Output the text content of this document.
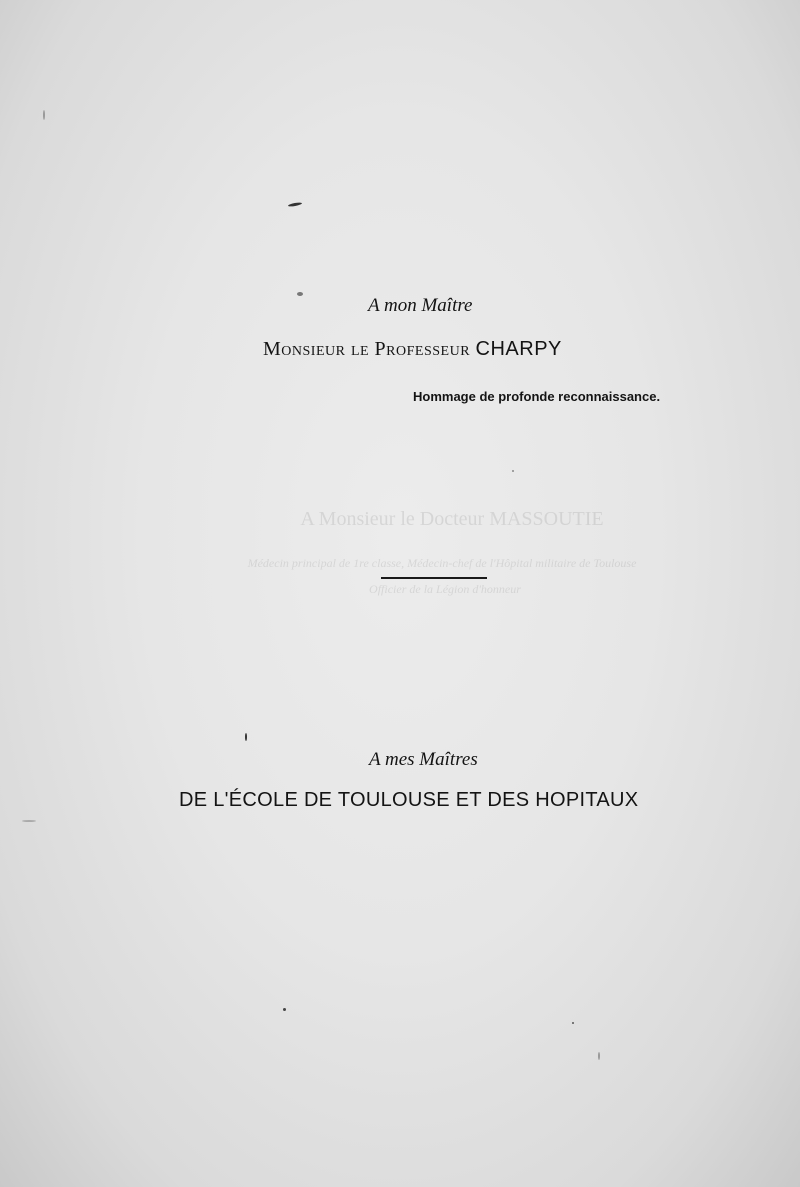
A Monsieur le Docteur MASSOUTIE
Médecin principal de 1re classe, Médecin-chef de l'Hôpital militaire de Toulouse
Officier de la Légion d'honneur
A mon Maître
Monsieur le Professeur CHARPY
Hommage de profonde reconnaissance.
A mes Maîtres
DE L'ÉCOLE DE TOULOUSE ET DES HOPITAUX
